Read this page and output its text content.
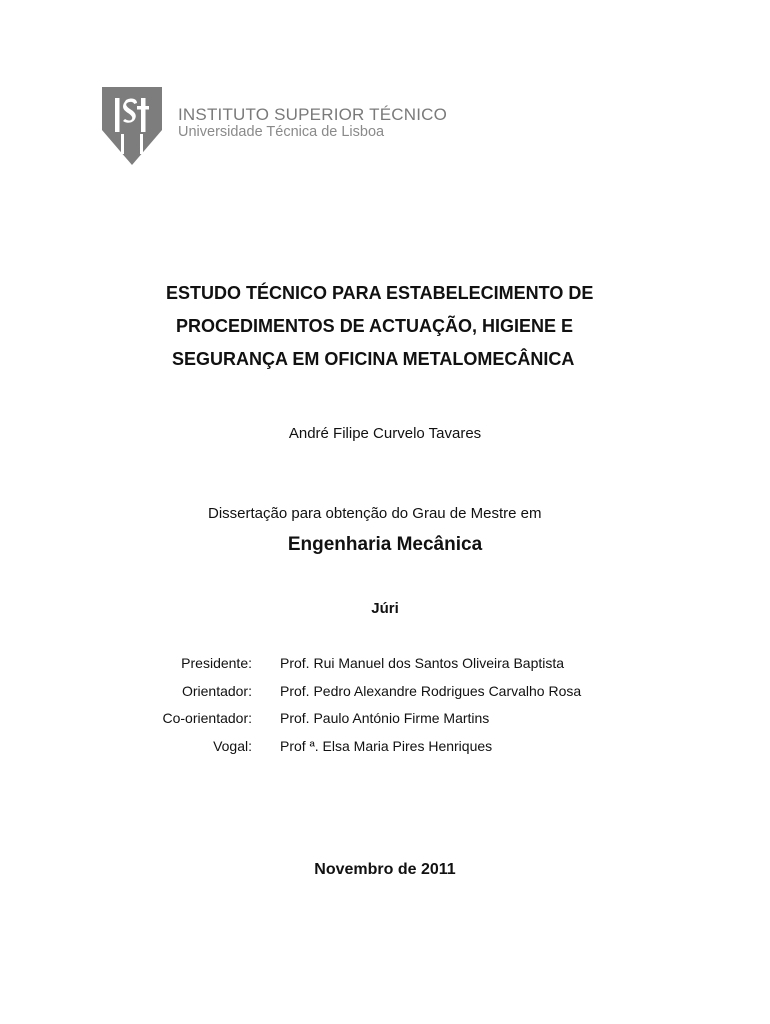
ist
INSTITUTO SUPERIOR TÉCNICO
Universidade Técnica de Lisboa
ESTUDO TÉCNICO PARA ESTABELECIMENTO DE
PROCEDIMENTOS DE ACTUAÇÃO, HIGIENE E
SEGURANÇA EM OFICINA METALOMECÂNICA
André Filipe Curvelo Tavares
Dissertação para obtenção do Grau de Mestre em
Engenharia Mecânica
Júri
Presidente: Prof. Rui Manuel dos Santos Oliveira Baptista
Orientador: Prof. Pedro Alexandre Rodrigues Carvalho Rosa
Co-orientador: Prof. Paulo António Firme Martins
Vogal: Prof ª. Elsa Maria Pires Henriques
Novembro de 2011
